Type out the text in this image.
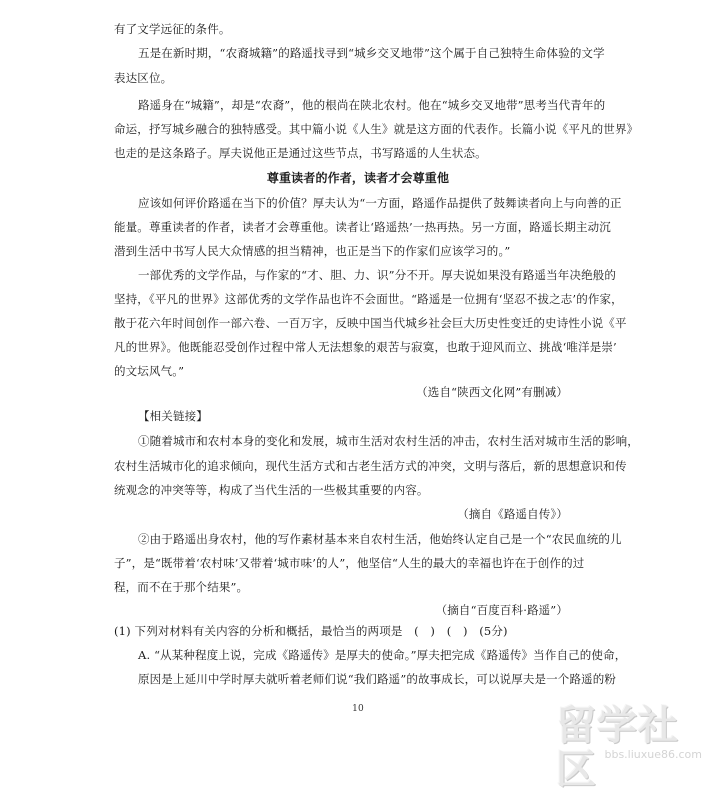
有了文学远征的条件。
五是在新时期，“农裔城籍”的路遥找寻到“城乡交叉地带”这个属于自己独特生命体验的文学
表达区位。
路遥身在“城籍”，却是“农裔”，他的根尚在陕北农村。他在“城乡交叉地带”思考当代青年的
命运，抒写城乡融合的独特感受。其中篇小说《人生》就是这方面的代表作。长篇小说《平凡的世界》
也走的是这条路子。厚夫说他正是通过这些节点，书写路遥的人生状态。
尊重读者的作者，读者才会尊重他
应该如何评价路遥在当下的价值？厚夫认为“一方面，路遥作品提供了鼓舞读者向上与向善的正
能量。尊重读者的作者，读者才会尊重他。读者让‘路遥热’一热再热。另一方面，路遥长期主动沉
潜到生活中书写人民大众情感的担当精神，也正是当下的作家们应该学习的。”
一部优秀的文学作品，与作家的“才、胆、力、识”分不开。厚夫说如果没有路遥当年决绝般的
坚持，《平凡的世界》这部优秀的文学作品也许不会面世。“路遥是一位拥有‘坚忍不拔之志’的作家，
散于花六年时间创作一部六卷、一百万字，反映中国当代城乡社会巨大历史性变迁的史诗性小说《平
凡的世界》。他既能忍受创作过程中常人无法想象的艰苦与寂寞，也敢于迎风而立、挑战‘唯洋是崇’
的文坛风气。”
（选自“陕西文化网”有删减）
【相关链接】
①随着城市和农村本身的变化和发展，城市生活对农村生活的冲击，农村生活对城市生活的影响，
农村生活城市化的追求倾向，现代生活方式和古老生活方式的冲突，文明与落后，新的思想意识和传
统观念的冲突等等，构成了当代生活的一些极其重要的内容。
（摘自《路遥自传》）
②由于路遥出身农村，他的写作素材基本来自农村生活，他始终认定自己是一个“农民血统的儿
子”，是“既带着‘农村味’又带着‘城市味’的人”，他坚信“人生的最大的幸福也许在于创作的过
程，而不在于那个结果”。
（摘自“百度百科·路遥”）
(1) 下列对材料有关内容的分析和概括，最恰当的两项是　(　)　(　)　(5分)
A. “从某种程度上说，完成《路遥传》是厚夫的使命。”厚夫把完成《路遥传》当作自己的使命，
原因是上延川中学时厚夫就听着老师们说“我们路遥”的故事成长，可以说厚夫是一个路遥的粉
10	留学社区 bbs.liuxue86.com
